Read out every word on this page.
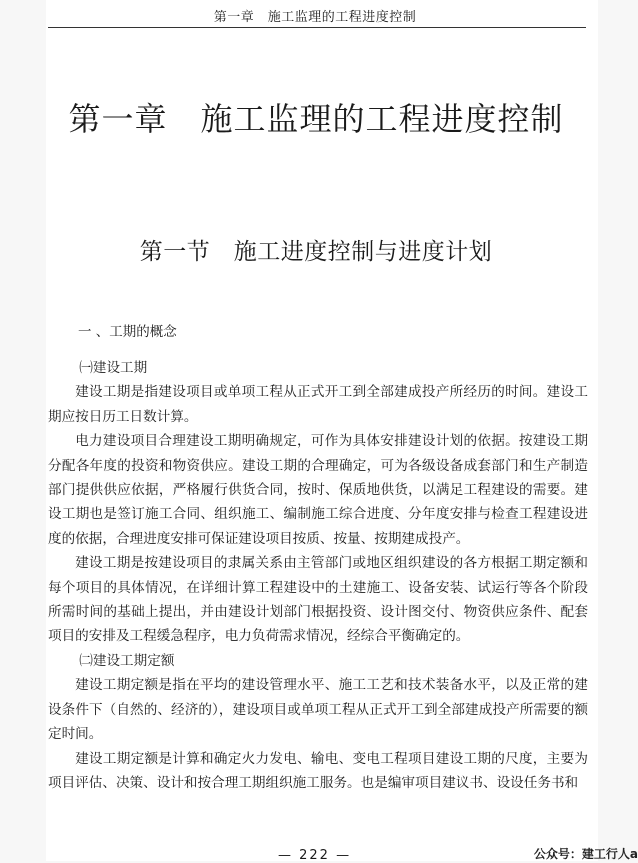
第一章　施工监理的工程进度控制
第一章　施工监理的工程进度控制
第一节　施工进度控制与进度计划
一 、工期的概念

㈠建设工期

建设工期是指建设项目或单项工程从正式开工到全部建成投产所经历的时间。建设工期应按日历工日数计算。

电力建设项目合理建设工期明确规定，可作为具体安排建设计划的依据。按建设工期分配各年度的投资和物资供应。建设工期的合理确定，可为各级设备成套部门和生产制造部门提供供应依据，严格履行供货合同，按时、保质地供货，以满足工程建设的需要。建设工期也是签订施工合同、组织施工、编制施工综合进度、分年度安排与检查工程建设进度的依据，合理进度安排可保证建设项目按质、按量、按期建成投产。

建设工期是按建设项目的隶属关系由主管部门或地区组织建设的各方根据工期定额和每个项目的具体情况，在详细计算工程建设中的土建施工、设备安装、试运行等各个阶段所需时间的基础上提出，并由建设计划部门根据投资、设计图交付、物资供应条件、配套项目的安排及工程缓急程序，电力负荷需求情况，经综合平衡确定的。

㈡建设工期定额

建设工期定额是指在平均的建设管理水平、施工工艺和技术装备水平，以及正常的建设条件下（自然的、经济的），建设项目或单项工程从正式开工到全部建成投产所需要的额定时间。

建设工期定额是计算和确定火力发电、输电、变电工程项目建设工期的尺度，主要为项目评估、决策、设计和按合理工期组织施工服务。也是编审项目建议书、设设任务书和

— 222 —	公众号：建工行人a
